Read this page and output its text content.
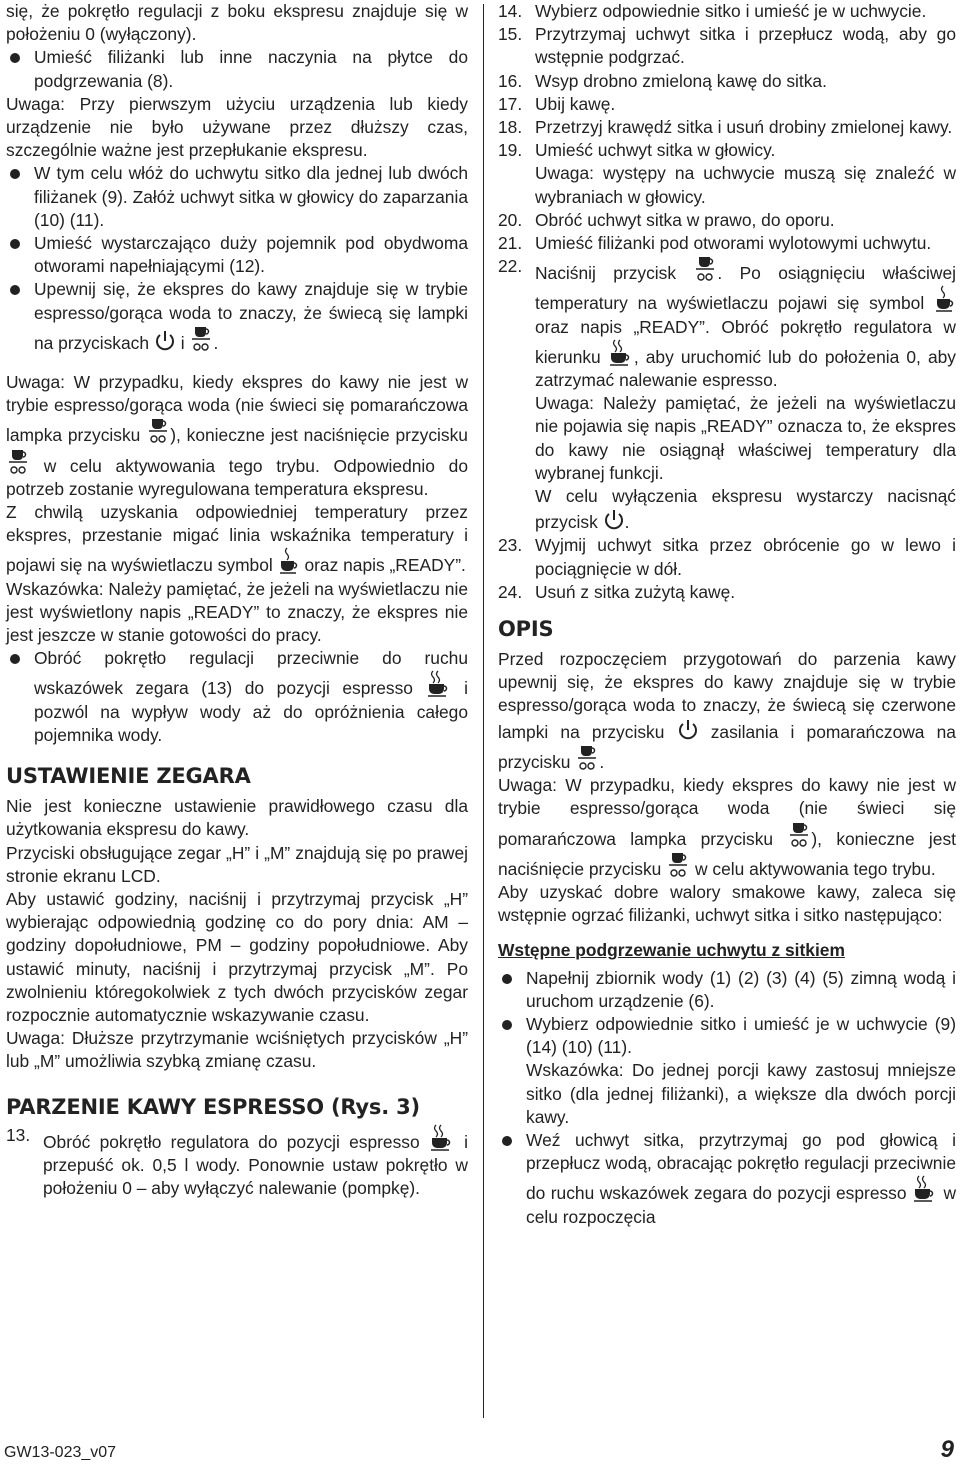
się, że pokrętło regulacji z boku ekspresu znajduje się w położeniu 0 (wyłączony).

Umieść filiżanki lub inne naczynia na płytce do podgrzewania (8).

Uwaga: Przy pierwszym użyciu urządzenia lub kiedy urządzenie nie było używane przez dłuższy czas, szczególnie ważne jest przepłukanie ekspresu.

W tym celu włóż do uchwytu sitko dla jednej lub dwóch filiżanek (9). Załóż uchwyt sitka w głowicy do zaparzania (10) (11).
Umieść wystarczająco duży pojemnik pod obydwoma otworami napełniającymi (12).
Upewnij się, że ekspres do kawy znajduje się w trybie espresso/gorąca woda to znaczy, że świecą się lampki na przyciskach i .

Uwaga: W przypadku, kiedy ekspres do kawy nie jest w trybie espresso/gorąca woda (nie świeci się pomarańczowa lampka przycisku ), konieczne jest naciśnięcie przycisku  w celu aktywowania tego trybu. Odpowiednio do potrzeb zostanie wyregulowana temperatura ekspresu.

Z chwilą uzyskania odpowiedniej temperatury przez ekspres, przestanie migać linia wskaźnika temperatury i pojawi się na wyświetlaczu symbol oraz napis „READY”.

Wskazówka: Należy pamiętać, że jeżeli na wyświetlaczu nie jest wyświetlony napis „READY” to znaczy, że ekspres nie jest jeszcze w stanie gotowości do pracy.

Obróć pokrętło regulacji przeciwnie do ruchu wskazówek zegara (13) do pozycji espresso	i pozwól na wypływ wody aż do opróżnienia całego pojemnika wody.
USTAWIENIE ZEGARA

Nie jest konieczne ustawienie prawidłowego czasu dla użytkowania ekspresu do kawy.

Przyciski obsługujące zegar „H” i „M” znajdują się po prawej stronie ekranu LCD.

Aby ustawić godziny, naciśnij i przytrzymaj przycisk „H” wybierając odpowiednią godzinę co do pory dnia: AM – godziny dopołudniowe, PM – godziny popołudniowe. Aby ustawić minuty, naciśnij i przytrzymaj przycisk „M”. Po zwolnieniu któregokolwiek z tych dwóch przycisków zegar rozpocznie automatycznie wskazywanie czasu.

Uwaga: Dłuższe przytrzymanie wciśniętych przycisków „H” lub „M” umożliwia szybką zmianę czasu.

PARZENIE KAWY ESPRESSO (Rys. 3)
13. Obróć pokrętło regulatora do pozycji espresso	i przepuść ok. 0,5 l wody. Ponownie ustaw pokrętło w położeniu 0 – aby wyłączyć nalewanie (pompkę).
14. Wybierz odpowiednie sitko i umieść je w uchwycie.
15. Przytrzymaj uchwyt sitka i przepłucz wodą, aby go wstępnie podgrzać.
16. Wsyp drobno zmieloną kawę do sitka.
17. Ubij kawę.
18. Przetrzyj krawędź sitka i usuń drobiny zmielonej kawy.
19. Umieść uchwyt sitka w głowicy.

Uwaga: występy na uchwycie muszą się znaleźć w wybraniach w głowicy.

20. Obróć uchwyt sitka w prawo, do oporu.
21. Umieść filiżanki pod otworami wylotowymi uchwytu.
22. Naciśnij przycisk . Po osiągnięciu właściwej temperatury na wyświetlaczu pojawi się symbol  oraz napis „READY”. Obróć pokrętło regulatora w kierunku , aby uruchomić lub do położenia 0, aby zatrzymać nalewanie espresso.

Uwaga: Należy pamiętać, że jeżeli na wyświetlaczu nie pojawia się napis „READY” oznacza to, że ekspres do kawy nie osiągnął właściwej temperatury dla wybranej funkcji.

W celu wyłączenia ekspresu wystarczy nacisnąć przycisk .

23. Wyjmij uchwyt sitka przez obrócenie go w lewo i pociągnięcie w dół.
24. Usuń z sitka zużytą kawę.
OPIS

Przed rozpoczęciem przygotowań do parzenia kawy upewnij się, że ekspres do kawy znajduje się w trybie espresso/gorąca woda to znaczy, że świecą się czerwone lampki na przycisku	zasilania i pomarańczowa na przycisku .

Uwaga: W przypadku, kiedy ekspres do kawy nie jest w trybie espresso/gorąca woda (nie świeci się pomarańczowa lampka przycisku ), konieczne jest naciśnięcie przycisku w celu aktywowania tego trybu.

Aby uzyskać dobre walory smakowe kawy, zaleca się wstępnie ogrzać filiżanki, uchwyt sitka i sitko następująco:

Wstępne podgrzewanie uchwytu z sitkiem
Napełnij zbiornik wody (1) (2) (3) (4) (5) zimną wodą i uruchom urządzenie (6).
Wybierz odpowiednie sitko i umieść je w uchwycie (9) (14) (10) (11).

Wskazówka: Do jednej porcji kawy zastosuj mniejsze sitko (dla jednej filiżanki), a większe dla dwóch porcji kawy.

Weź uchwyt sitka, przytrzymaj go pod głowicą i przepłucz wodą, obracając pokrętło regulacji przeciwnie do ruchu wskazówek zegara do pozycji espresso w celu rozpoczęcia
GW13-023_v07	9
